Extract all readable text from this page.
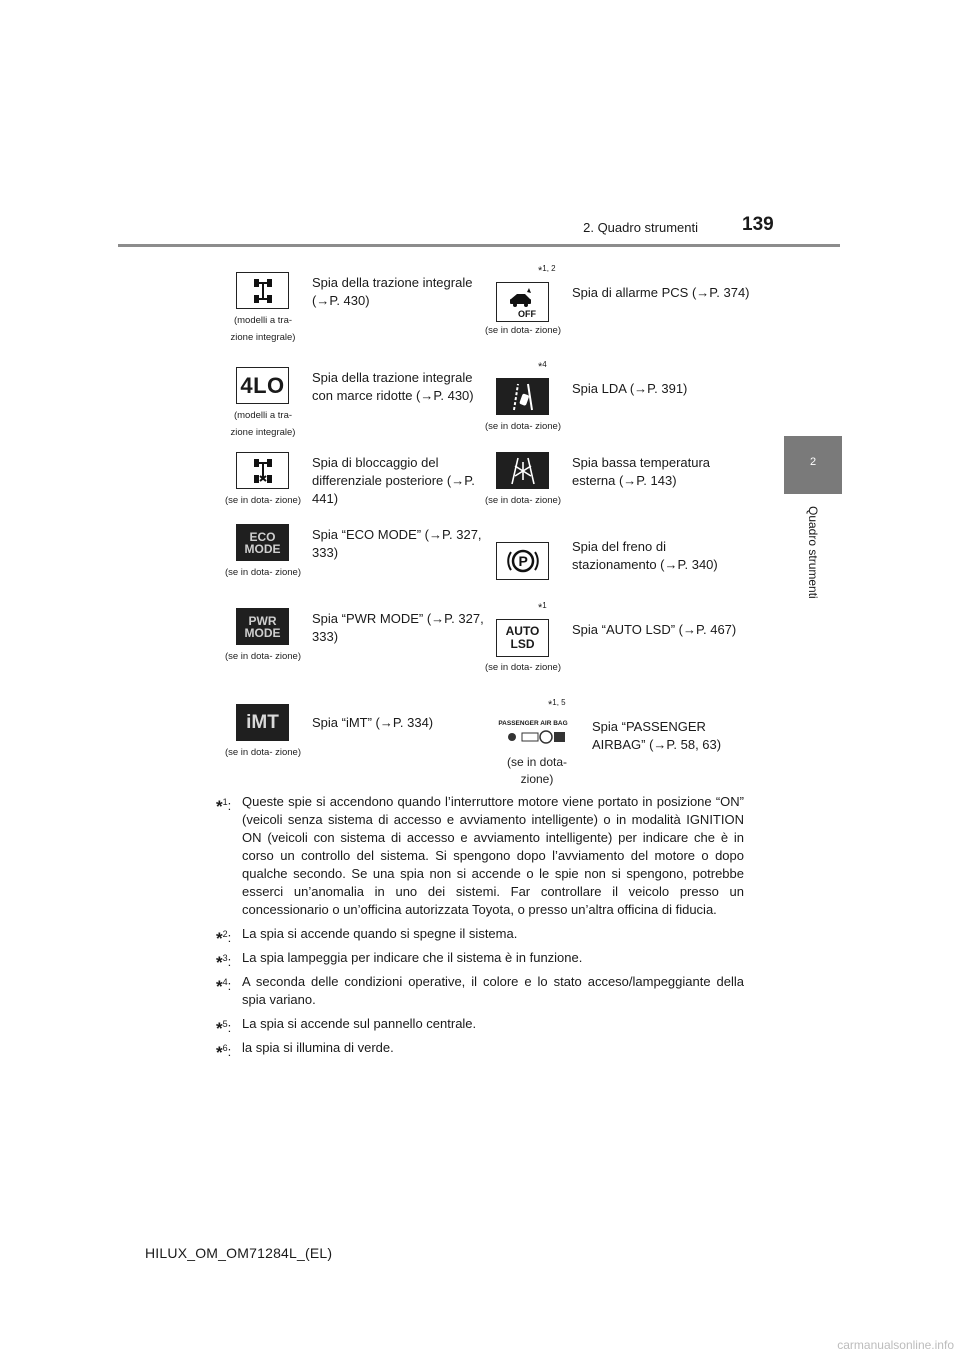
2. Quadro strumenti 139
2
Quadro strumenti
(modelli a tra-
zione integrale)
Spia della trazione integrale (→P. 430)
*$^{1, 2}$
OFF
(se in dota- zione)
Spia di allarme PCS (→P. 374)
4LO
(modelli a tra-
zione integrale)
Spia della trazione integrale con marce ridotte (→P. 430)
*$^4$
(se in dota- zione)
Spia LDA (→P. 391)
(se in dota- zione)
Spia di bloccaggio del differenziale posteriore (→P. 441)	(se in dota- zione)
Spia bassa temperatura esterna (→P. 143)
ECO
MODE
(se in dota- zione)
Spia “ECO MODE” (→P. 327, 333)
P
Spia del freno di stazionamento (→P. 340)
PWR
MODE
(se in dota- zione)
Spia “PWR MODE” (→P. 327, 333)
*$^1$
AUTO
LSD
(se in dota- zione)
Spia “AUTO LSD” (→P. 467)
iMT
(se in dota- zione)
Spia “iMT” (→P. 334)
*$^{1, 5}$
PASSENGER AIR BAG
(se in dota- zione)
Spia “PASSENGER AIRBAG” (→P. 58, 63)
*$^1$: Queste spie si accendono quando l’interruttore motore viene portato in posizione “ON” (veicoli senza sistema di accesso e avviamento intelligente) o in modalità IGNITION ON (veicoli con sistema di accesso e avviamento intelligente) per indicare che è in corso un controllo del sistema. Si spengono dopo l’avviamento del motore o dopo qualche secondo. Se una spia non si accende o le spie non si spengono, potrebbe esserci un’anomalia in uno dei sistemi. Far controllare il veicolo presso un concessionario o un’officina autorizzata Toyota, o presso un’altra officina di fiducia.
*$^2$: La spia si accende quando si spegne il sistema.
*$^3$: La spia lampeggia per indicare che il sistema è in funzione.
*$^4$: A seconda delle condizioni operative, il colore e lo stato acceso/lampeggiante della spia variano.
*$^5$: La spia si accende sul pannello centrale.
*$^6$: la spia si illumina di verde.
HILUX_OM_OM71284L_(EL)
carmanualsonline.info
